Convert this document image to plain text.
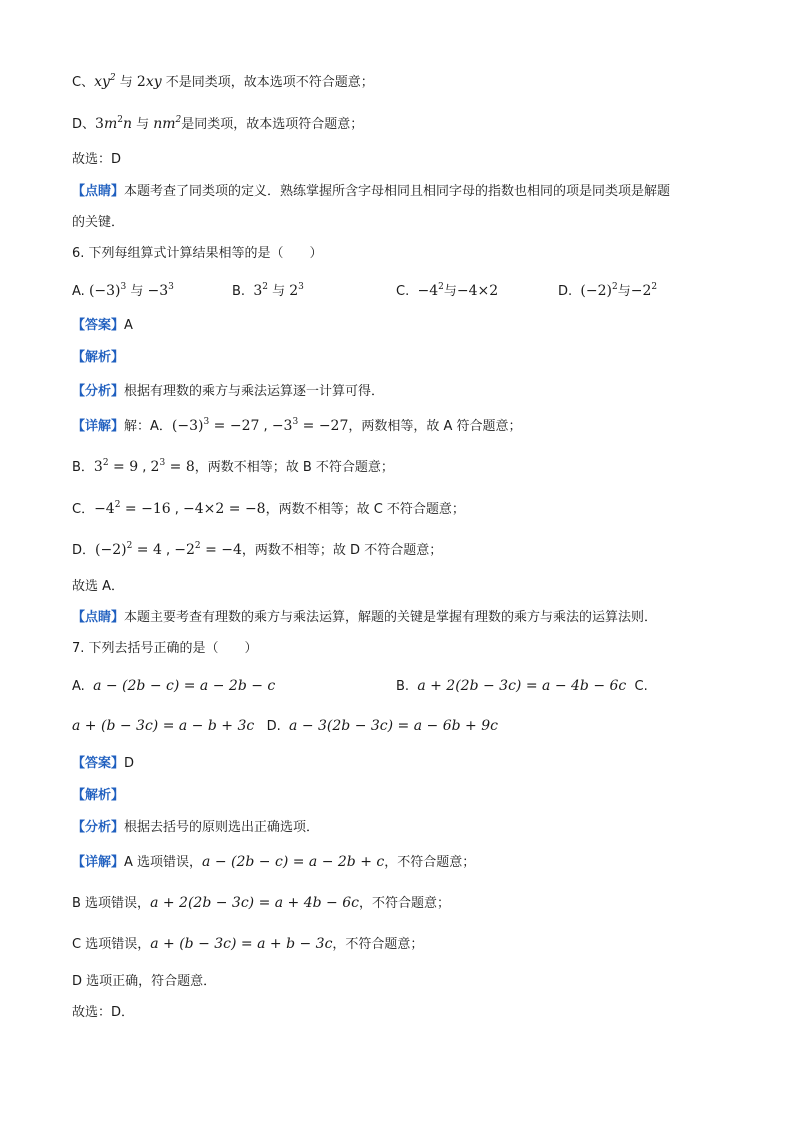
C、$xy^2$ 与 2xy 不是同类项，故本选项不符合题意；
D、$3m^2n$ 与 $nm^2$是同类项，故本选项符合题意；
故选：D
【点睛】本题考查了同类项的定义．熟练掌握所含字母相同且相同字母的指数也相同的项是同类项是解题
的关键．
6. 下列每组算式计算结果相等的是（　　）
A. $(-3)^3$ 与 $-3^3$	B. $3^2$ 与 $2^3$	C. $-4^2$与−4×2	D. $(-2)^2$与$-2^2$
【答案】A
【解析】
【分析】根据有理数的乘方与乘法运算逐一计算可得．
【详解】解：A．$(-3)^3 = -27$ , $-3^3 = -27$，两数相等，故 A 符合题意；
B．$3^2 = 9$ , $2^3 = 8$，两数不相等；故 B 不符合题意；
C．$-4^2 = -16$ , −4×2 = −8，两数不相等；故 C 不符合题意；
D．$(-2)^2 = 4$ , $-2^2 = -4$，两数不相等；故 D 不符合题意；
故选 A．
【点睛】本题主要考查有理数的乘方与乘法运算，解题的关键是掌握有理数的乘方与乘法的运算法则．
7. 下列去括号正确的是（　　）
A. a − (2b − c) = a − 2b − c	B. a + 2(2b − 3c) = a − 4b − 6c C.
a + (b − 3c) = a − b + 3c D. a − 3(2b − 3c) = a − 6b + 9c
【答案】D
【解析】
【分析】根据去括号的原则选出正确选项．
【详解】A 选项错误，a − (2b − c) = a − 2b + c，不符合题意；
B 选项错误，a + 2(2b − 3c) = a + 4b − 6c，不符合题意；
C 选项错误，a + (b − 3c) = a + b − 3c，不符合题意；
D 选项正确，符合题意．
故选：D．
